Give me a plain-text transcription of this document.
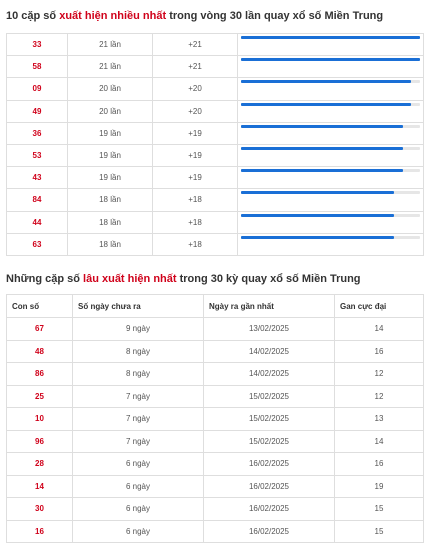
10 cặp số xuất hiện nhiều nhất trong vòng 30 lần quay xổ số Miền Trung
33	21 lần	+21	

58	21 lần	+21	

09	20 lần	+20	

49	20 lần	+20	

36	19 lần	+19	

53	19 lần	+19	

43	19 lần	+19	

84	18 lần	+18	

44	18 lần	+18	

63	18 lần	+18	
Những cặp số lâu xuất hiện nhất trong 30 kỳ quay xổ số Miền Trung
Con số	Số ngày chưa ra	Ngày ra gần nhất	Gan cực đại
67	9 ngày	13/02/2025	14
48	8 ngày	14/02/2025	16
86	8 ngày	14/02/2025	12
25	7 ngày	15/02/2025	12
10	7 ngày	15/02/2025	13
96	7 ngày	15/02/2025	14
28	6 ngày	16/02/2025	16
14	6 ngày	16/02/2025	19
30	6 ngày	16/02/2025	15
16	6 ngày	16/02/2025	15
